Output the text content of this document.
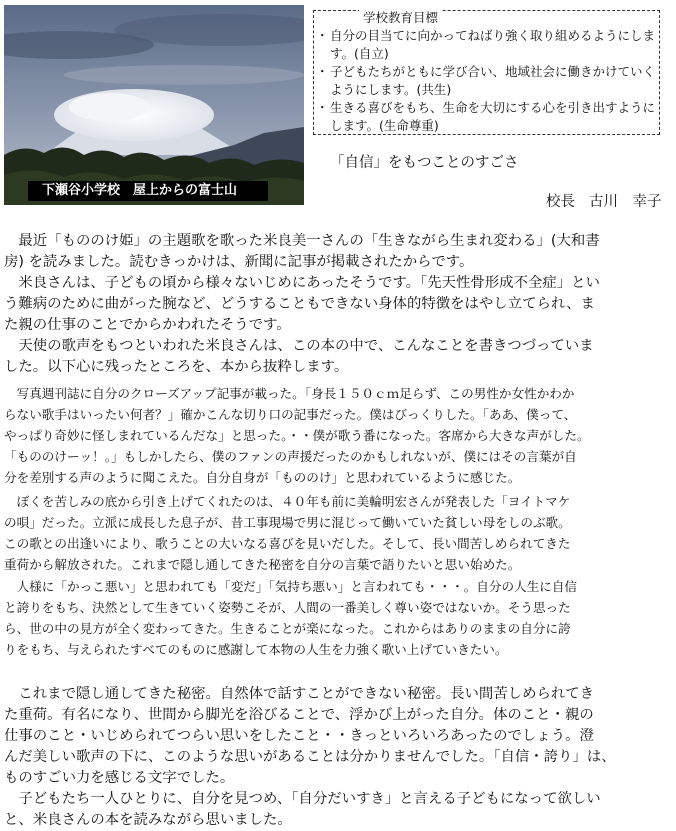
下瀬谷小学校　屋上からの富士山
学校教育目標
・ 自分の目当てに向かってねばり強く取り組めるようにします。(自立)
・ 子どもたちがともに学び合い、地域社会に働きかけていくようにします。(共生)
・ 生きる喜びをもち、生命を大切にする心を引き出すようにします。(生命尊重)
「自信」をもつことのすごさ
校長 古川　幸子
　最近「もののけ姫」の主題歌を歌った米良美一さんの「生きながら生まれ変わる」(大和書
房) を読みました。読むきっかけは、新聞に記事が掲載されたからです。
　米良さんは、子どもの頃から様々ないじめにあったそうです。「先天性骨形成不全症」とい
う難病のために曲がった腕など、どうすることもできない身体的特徴をはやし立てられ、ま
た親の仕事のことでからかわれたそうです。
　天使の歌声をもつといわれた米良さんは、この本の中で、こんなことを書きつづっていま
した。以下心に残ったところを、本から抜粋します。
　写真週刊誌に自分のクローズアップ記事が載った。「身長１５０ｃｍ足らず、この男性か女性かわか
らない歌手はいったい何者？」確かこんな切り口の記事だった。僕はびっくりした。「ああ、僕って、
やっぱり奇妙に怪しまれているんだな」と思った。・・僕が歌う番になった。客席から大きな声がした。
「もののけーッ！。」もしかしたら、僕のファンの声援だったのかもしれないが、僕にはその言葉が自
分を差別する声のように聞こえた。自分自身が「もののけ」と思われているように感じた。
　ぼくを苦しみの底から引き上げてくれたのは、４０年も前に美輪明宏さんが発表した「ヨイトマケ
の唄」だった。立派に成長した息子が、昔工事現場で男に混じって働いていた貧しい母をしのぶ歌。
この歌との出逢いにより、歌うことの大いなる喜びを見いだした。そして、長い間苦しめられてきた
重荷から解放された。これまで隠し通してきた秘密を自分の言葉で語りたいと思い始めた。
　人様に「かっこ悪い」と思われても「変だ」「気持ち悪い」と言われても・・・。自分の人生に自信
と誇りをもち、決然として生きていく姿勢こそが、人間の一番美しく尊い姿ではないか。そう思った
ら、世の中の見方が全く変わってきた。生きることが楽になった。これからはありのままの自分に誇
りをもち、与えられたすべてのものに感謝して本物の人生を力強く歌い上げていきたい。
　これまで隠し通してきた秘密。自然体で話すことができない秘密。長い間苦しめられてき
た重荷。有名になり、世間から脚光を浴びることで、浮かび上がった自分。体のこと・親の
仕事のこと・いじめられてつらい思いをしたこと・・きっといろいろあったのでしょう。澄
んだ美しい歌声の下に、このような思いがあることは分かりませんでした。「自信・誇り」は、
ものすごい力を感じる文字でした。
　子どもたち一人ひとりに、自分を見つめ、「自分だいすき」と言える子どもになって欲しい
と、米良さんの本を読みながら思いました。
